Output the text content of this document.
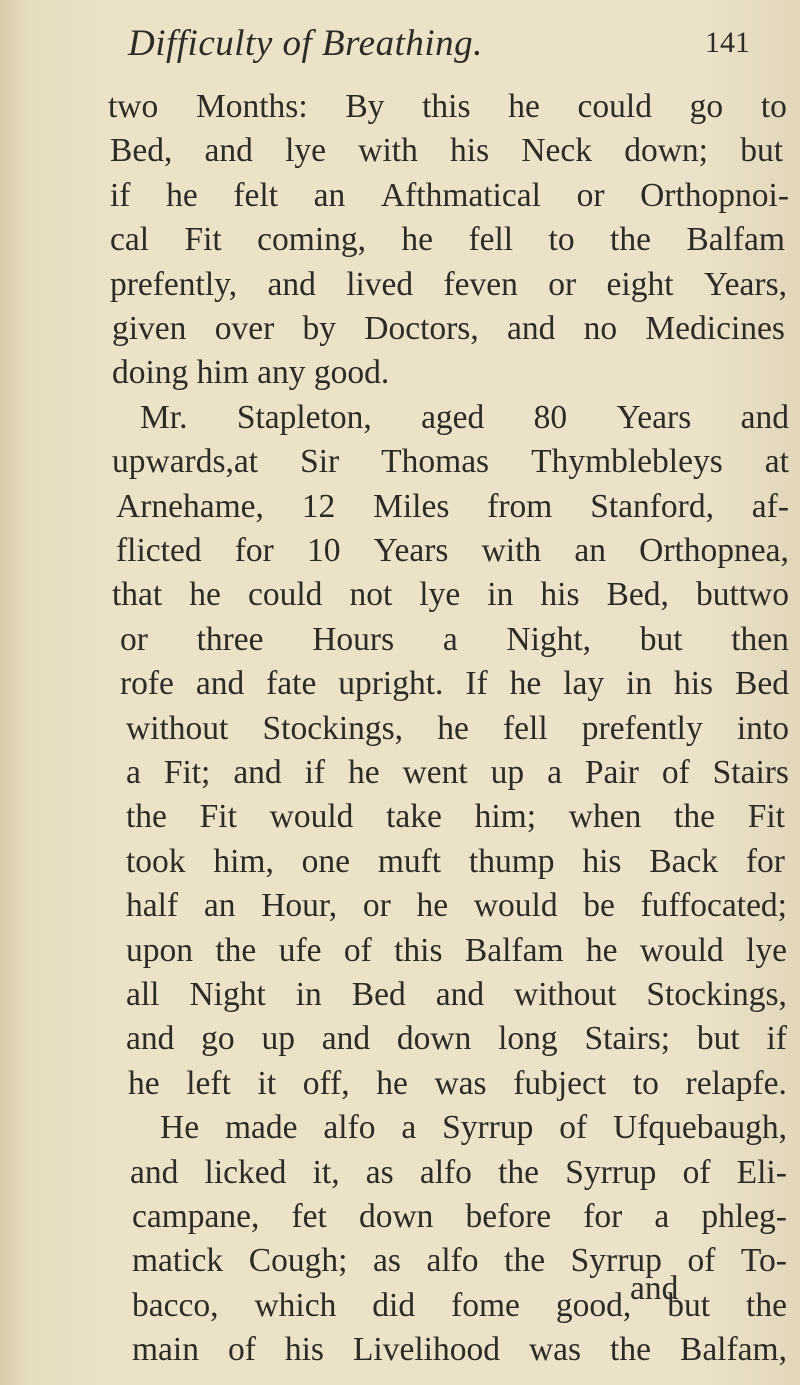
Difficulty of Breathing.	141
two Months: By this he could go to
Bed, and lye with his Neck down; but
if he felt an Afthmatical or Orthopnoi-
cal Fit coming, he fell to the Balfam
prefently, and lived feven or eight Years,
given over by Doctors, and no Medicines
doing him any good.
Mr. Stapleton, aged 80 Years and
upwards,at Sir Thomas Thymblebleys at
Arnehame, 12 Miles from Stanford, af-
flicted for 10 Years with an Orthopnea,
that he could not lye in his Bed, buttwo
or three Hours a Night, but then
rofe and fate upright. If he lay in his Bed
without Stockings, he fell prefently into
a Fit; and if he went up a Pair of Stairs
the Fit would take him; when the Fit
took him, one muft thump his Back for
half an Hour, or he would be fuffocated;
upon the ufe of this Balfam he would lye
all Night in Bed and without Stockings,
and go up and down long Stairs; but if
he left it off, he was fubject to relapfe.
He made alfo a Syrrup of Ufquebaugh,
and licked it, as alfo the Syrrup of Eli-
campane, fet down before for a phleg-
matick Cough; as alfo the Syrrup of To-
bacco, which did fome good, but the
main of his Livelihood was the Balfam,
and
